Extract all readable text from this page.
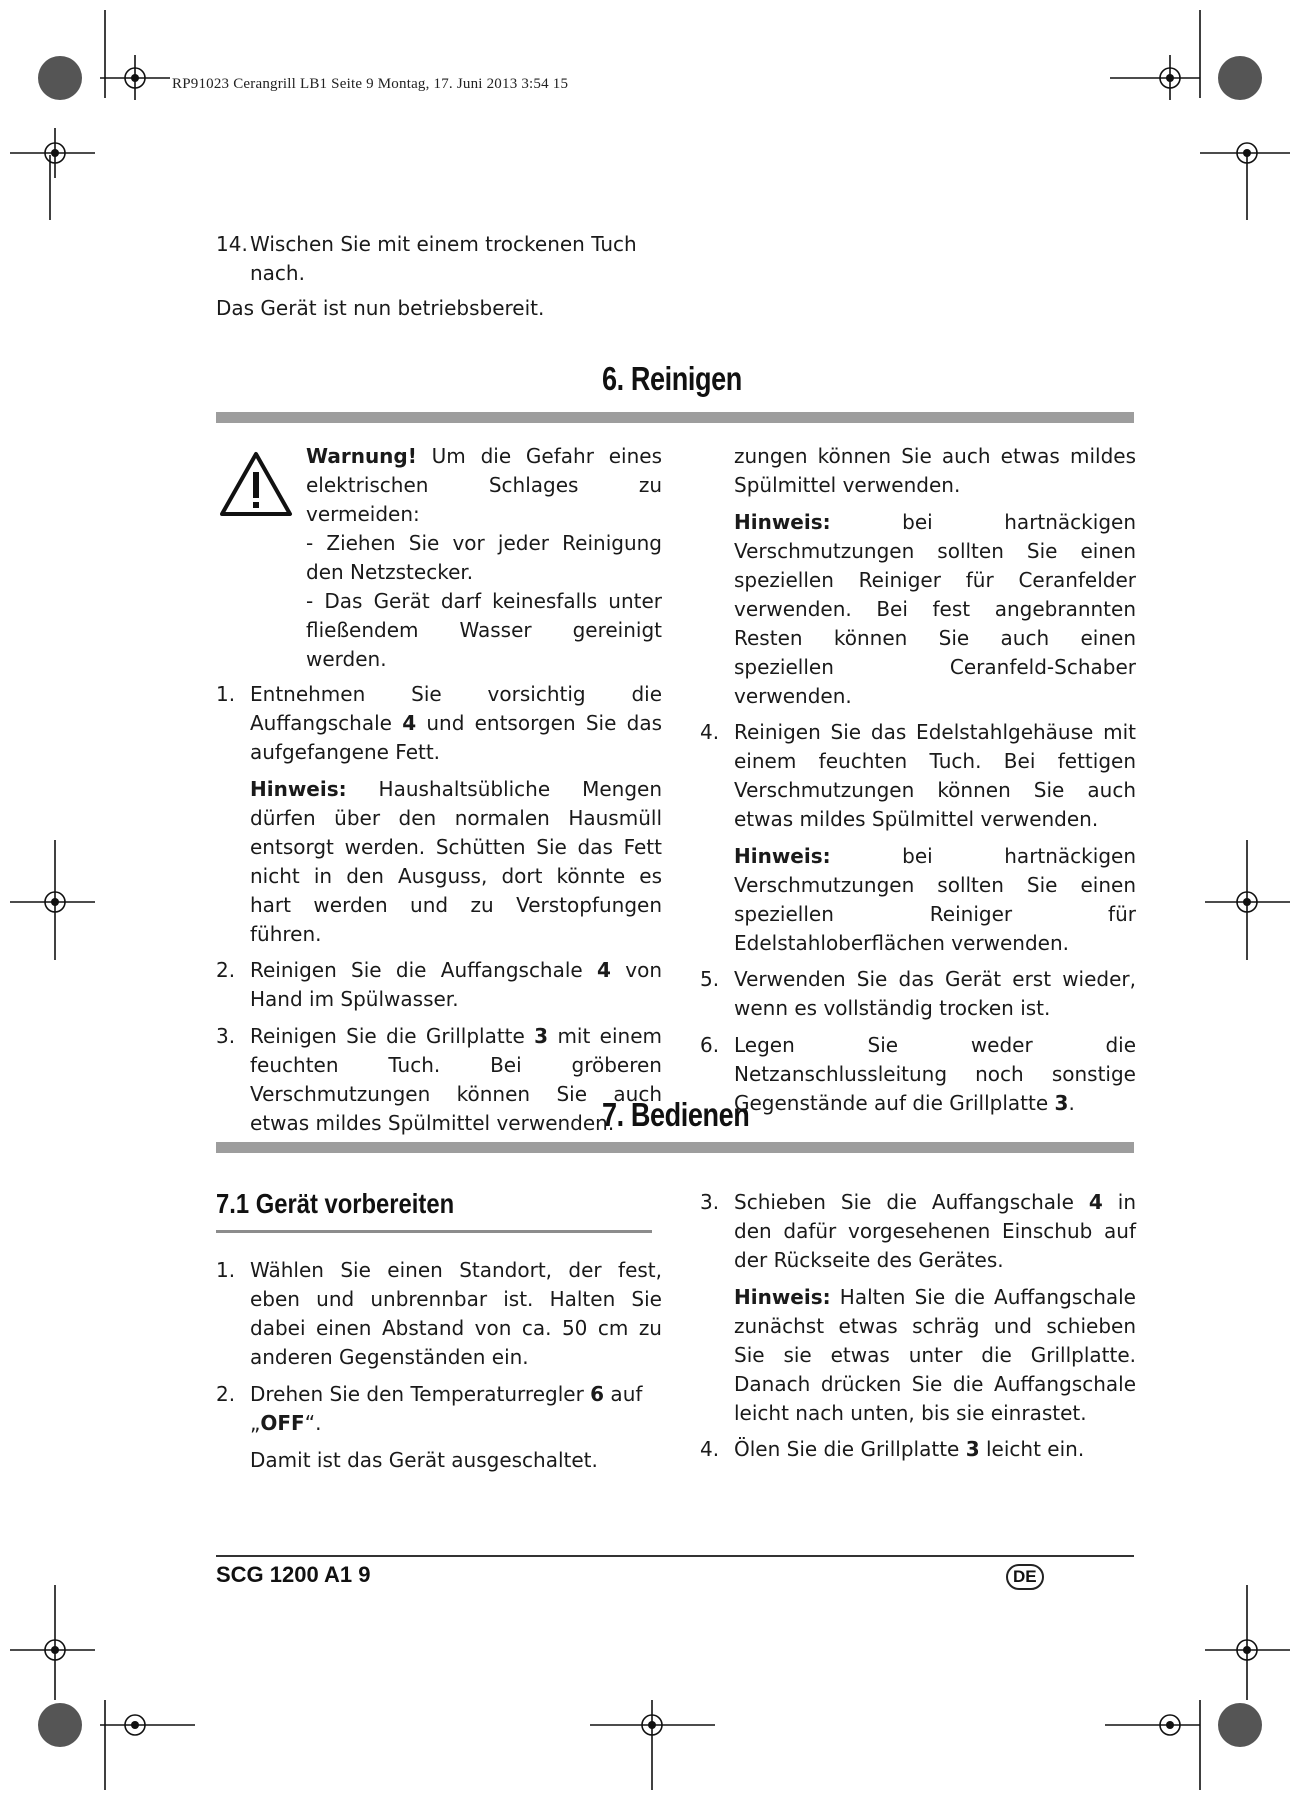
RP91023 Cerangrill LB1 Seite 9 Montag, 17. Juni 2013 3:54 15
14. Wischen Sie mit einem trockenen Tuch nach.

Das Gerät ist nun betriebsbereit.

6. Reinigen

Warnung! Um die Gefahr eines elektrischen Schlages zu vermeiden:

- Ziehen Sie vor jeder Reinigung den Netzstecker.
- Das Gerät darf keinesfalls unter fließendem Wasser gereinigt werden.
1. Entnehmen Sie vorsichtig die Auffangschale 4 und entsorgen Sie das aufgefangene Fett.

Hinweis: Haushaltsübliche Mengen dürfen über den normalen Hausmüll entsorgt werden. Schütten Sie das Fett nicht in den Ausguss, dort könnte es hart werden und zu Verstopfungen führen.

2. Reinigen Sie die Auffangschale 4 von Hand im Spülwasser.
3. Reinigen Sie die Grillplatte 3 mit einem feuchten Tuch. Bei gröberen Verschmutzungen können Sie auch etwas mildes Spülmittel verwenden.
zungen können Sie auch etwas mildes Spülmittel verwenden.

Hinweis: bei hartnäckigen Verschmutzungen sollten Sie einen speziellen Reiniger für Ceranfelder verwenden. Bei fest angebrannten Resten können Sie auch einen speziellen Ceranfeld-Schaber verwenden.

4. Reinigen Sie das Edelstahlgehäuse mit einem feuchten Tuch. Bei fettigen Verschmutzungen können Sie auch etwas mildes Spülmittel verwenden.

Hinweis: bei hartnäckigen Verschmutzungen sollten Sie einen speziellen Reiniger für Edelstahloberflächen verwenden.

5. Verwenden Sie das Gerät erst wieder, wenn es vollständig trocken ist.
6. Legen Sie weder die Netzanschlussleitung noch sonstige Gegenstände auf die Grillplatte 3.
7. Bedienen
7.1 Gerät vorbereiten
1. Wählen Sie einen Standort, der fest, eben und unbrennbar ist. Halten Sie dabei einen Abstand von ca. 50 cm zu anderen Gegenständen ein.
2. Drehen Sie den Temperaturregler 6 auf „OFF“.

Damit ist das Gerät ausgeschaltet.

3. Schieben Sie die Auffangschale 4 in den dafür vorgesehenen Einschub auf der Rückseite des Gerätes.

Hinweis: Halten Sie die Auffangschale zunächst etwas schräg und schieben Sie sie etwas unter die Grillplatte. Danach drücken Sie die Auffangschale leicht nach unten, bis sie einrastet.

4. Ölen Sie die Grillplatte 3 leicht ein.
SCG 1200 A1 9	DE
